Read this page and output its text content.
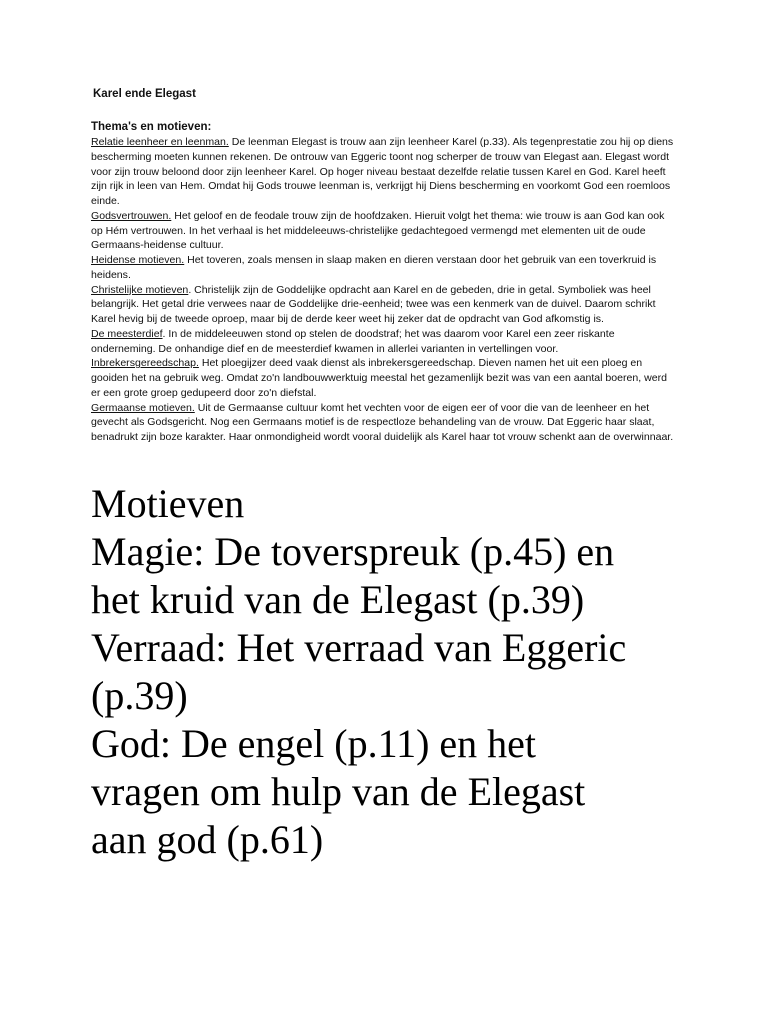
Karel ende Elegast
Thema's en motieven:

Relatie leenheer en leenman. De leenman Elegast is trouw aan zijn leenheer Karel (p.33). Als tegenprestatie zou hij op diens bescherming moeten kunnen rekenen. De ontrouw van Eggeric toont nog scherper de trouw van Elegast aan. Elegast wordt voor zijn trouw beloond door zijn leenheer Karel. Op hoger niveau bestaat dezelfde relatie tussen Karel en God. Karel heeft zijn rijk in leen van Hem. Omdat hij Gods trouwe leenman is, verkrijgt hij Diens bescherming en voorkomt God een roemloos einde.

Godsvertrouwen. Het geloof en de feodale trouw zijn de hoofdzaken. Hieruit volgt het thema: wie trouw is aan God kan ook op Hém vertrouwen. In het verhaal is het middeleeuws-christelijke gedachtegoed vermengd met elementen uit de oude Germaans-heidense cultuur.

Heidense motieven. Het toveren, zoals mensen in slaap maken en dieren verstaan door het gebruik van een toverkruid is heidens.

Christelijke motieven. Christelijk zijn de Goddelijke opdracht aan Karel en de gebeden, drie in getal. Symboliek was heel belangrijk. Het getal drie verwees naar de Goddelijke drie-eenheid; twee was een kenmerk van de duivel. Daarom schrikt Karel hevig bij de tweede oproep, maar bij de derde keer weet hij zeker dat de opdracht van God afkomstig is.

De meesterdief. In de middeleeuwen stond op stelen de doodstraf; het was daarom voor Karel een zeer riskante onderneming. De onhandige dief en de meesterdief kwamen in allerlei varianten in vertellingen voor.

Inbrekersgereedschap. Het ploegijzer deed vaak dienst als inbrekersgereedschap. Dieven namen het uit een ploeg en gooiden het na gebruik weg. Omdat zo'n landbouwwerktuig meestal het gezamenlijk bezit was van een aantal boeren, werd er een grote groep gedupeerd door zo'n diefstal.

Germaanse motieven. Uit de Germaanse cultuur komt het vechten voor de eigen eer of voor die van de leenheer en het gevecht als Godsgericht. Nog een Germaans motief is de respectloze behandeling van de vrouw. Dat Eggeric haar slaat, benadrukt zijn boze karakter. Haar onmondigheid wordt vooral duidelijk als Karel haar tot vrouw schenkt aan de overwinnaar.

Motieven
Magie: De toverspreuk (p.45) en
het kruid van de Elegast (p.39)
Verraad: Het verraad van Eggeric
(p.39)
God: De engel (p.11) en het
vragen om hulp van de Elegast
aan god (p.61)
